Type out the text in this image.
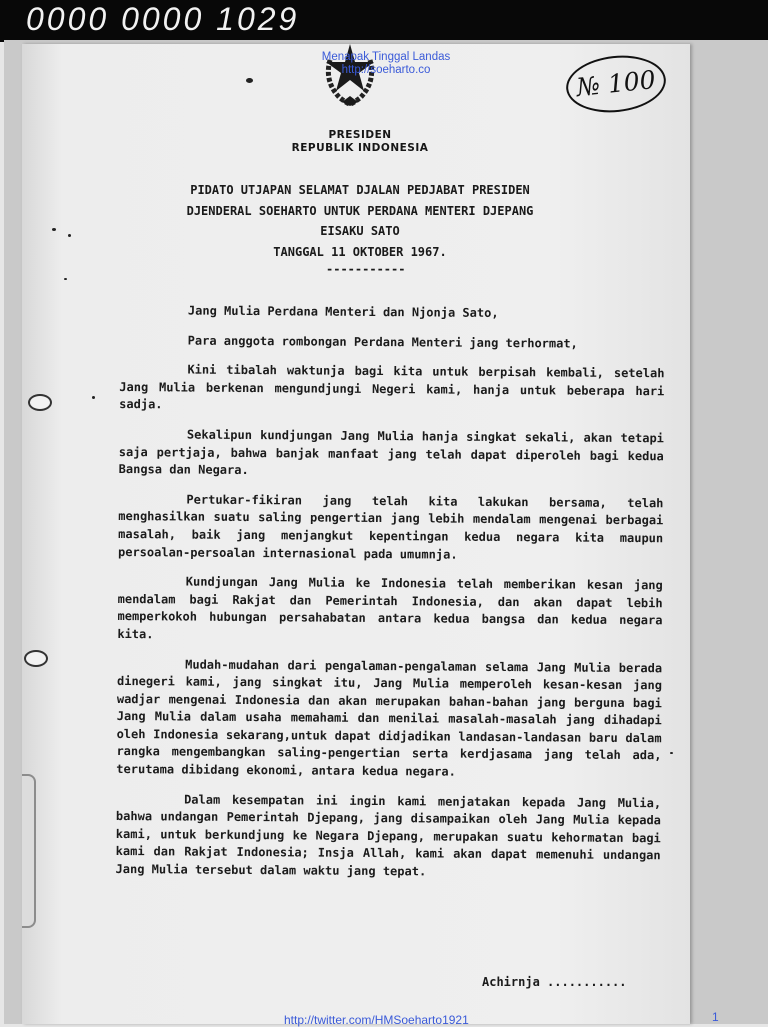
0000 0000 1029
Menapak Tinggal Landas
http://soeharto.co	№ 100
PRESIDEN
REPUBLIK INDONESIA
PIDATO UTJAPAN SELAMAT DJALAN PEDJABAT PRESIDEN
DJENDERAL SOEHARTO UNTUK PERDANA MENTERI DJEPANG
EISAKU SATO
TANGGAL 11 OKTOBER 1967.
-----------

Jang Mulia Perdana Menteri dan Njonja Sato,

Para anggota rombongan Perdana Menteri jang terhormat,

Kini tibalah waktunja bagi kita untuk berpisah kembali, setelah Jang Mulia berkenan mengundjungi Negeri kami, hanja untuk beberapa hari sadja.

Sekalipun kundjungan Jang Mulia hanja singkat sekali, akan tetapi saja pertjaja, bahwa banjak manfaat jang telah dapat diperoleh bagi kedua Bangsa dan Negara.

Pertukar-fikiran jang telah kita lakukan bersama, telah menghasilkan suatu saling pengertian jang lebih mendalam mengenai berbagai masalah, baik jang menjangkut kepentingan kedua negara kita maupun persoalan-persoalan internasional pada umumnja.

Kundjungan Jang Mulia ke Indonesia telah memberikan kesan jang mendalam bagi Rakjat dan Pemerintah Indonesia, dan akan dapat lebih memperkokoh hubungan persahabatan antara kedua bangsa dan kedua negara kita.

Mudah-mudahan dari pengalaman-pengalaman selama Jang Mulia berada dinegeri kami, jang singkat itu, Jang Mulia memperoleh kesan-kesan jang wadjar mengenai Indonesia dan akan merupakan bahan-bahan jang berguna bagi Jang Mulia dalam usaha memahami dan menilai masalah-masalah jang dihadapi oleh Indonesia sekarang,untuk dapat didjadikan landasan-landasan baru dalam rangka mengembangkan saling-pengertian serta kerdjasama jang telah ada, terutama dibidang ekonomi, antara kedua negara.

Dalam kesempatan ini ingin kami menjatakan kepada Jang Mulia, bahwa undangan Pemerintah Djepang, jang disampaikan oleh Jang Mulia kepada kami, untuk berkundjung ke Negara Djepang, merupakan suatu kehormatan bagi kami dan Rakjat Indonesia; Insja Allah, kami akan dapat memenuhi undangan Jang Mulia tersebut dalam waktu jang tepat.

Achirnja ...........
http://twitter.com/HMSoeharto1921	1
